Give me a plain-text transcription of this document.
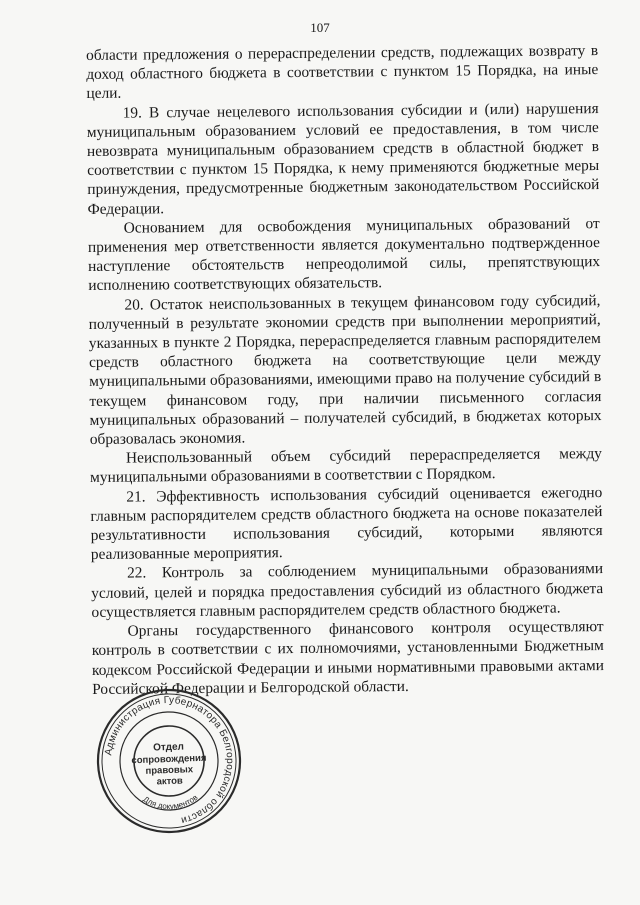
107

области предложения о перераспределении средств, подлежащих возврату в доход областного бюджета в соответствии с пунктом 15 Порядка, на иные цели.

19. В случае нецелевого использования субсидии и (или) нарушения муниципальным образованием условий ее предоставления, в том числе невозврата муниципальным образованием средств в областной бюджет в соответствии с пунктом 15 Порядка, к нему применяются бюджетные меры принуждения, предусмотренные бюджетным законодательством Российской Федерации.

Основанием для освобождения муниципальных образований от применения мер ответственности является документально подтвержденное наступление обстоятельств непреодолимой силы, препятствующих исполнению соответствующих обязательств.

20. Остаток неиспользованных в текущем финансовом году субсидий, полученный в результате экономии средств при выполнении мероприятий, указанных в пункте 2 Порядка, перераспределяется главным распорядителем средств областного бюджета на соответствующие цели между муниципальными образованиями, имеющими право на получение субсидий в текущем финансовом году, при наличии письменного согласия муниципальных образований – получателей субсидий, в бюджетах которых образовалась экономия.

Неиспользованный объем субсидий перераспределяется между муниципальными образованиями в соответствии с Порядком.

21. Эффективность использования субсидий оценивается ежегодно главным распорядителем средств областного бюджета на основе показателей результативности использования субсидий, которыми являются реализованные мероприятия.

22. Контроль за соблюдением муниципальными образованиями условий, целей и порядка предоставления субсидий из областного бюджета осуществляется главным распорядителем средств областного бюджета.

Органы государственного финансового контроля осуществляют контроль в соответствии с их полномочиями, установленными Бюджетным кодексом Российской Федерации и иными нормативными правовыми актами Российской Федерации и Белгородской области.

Администрация Губернатора Белгородской области
Для документов
Отдел
сопровождения
правовых
актов
